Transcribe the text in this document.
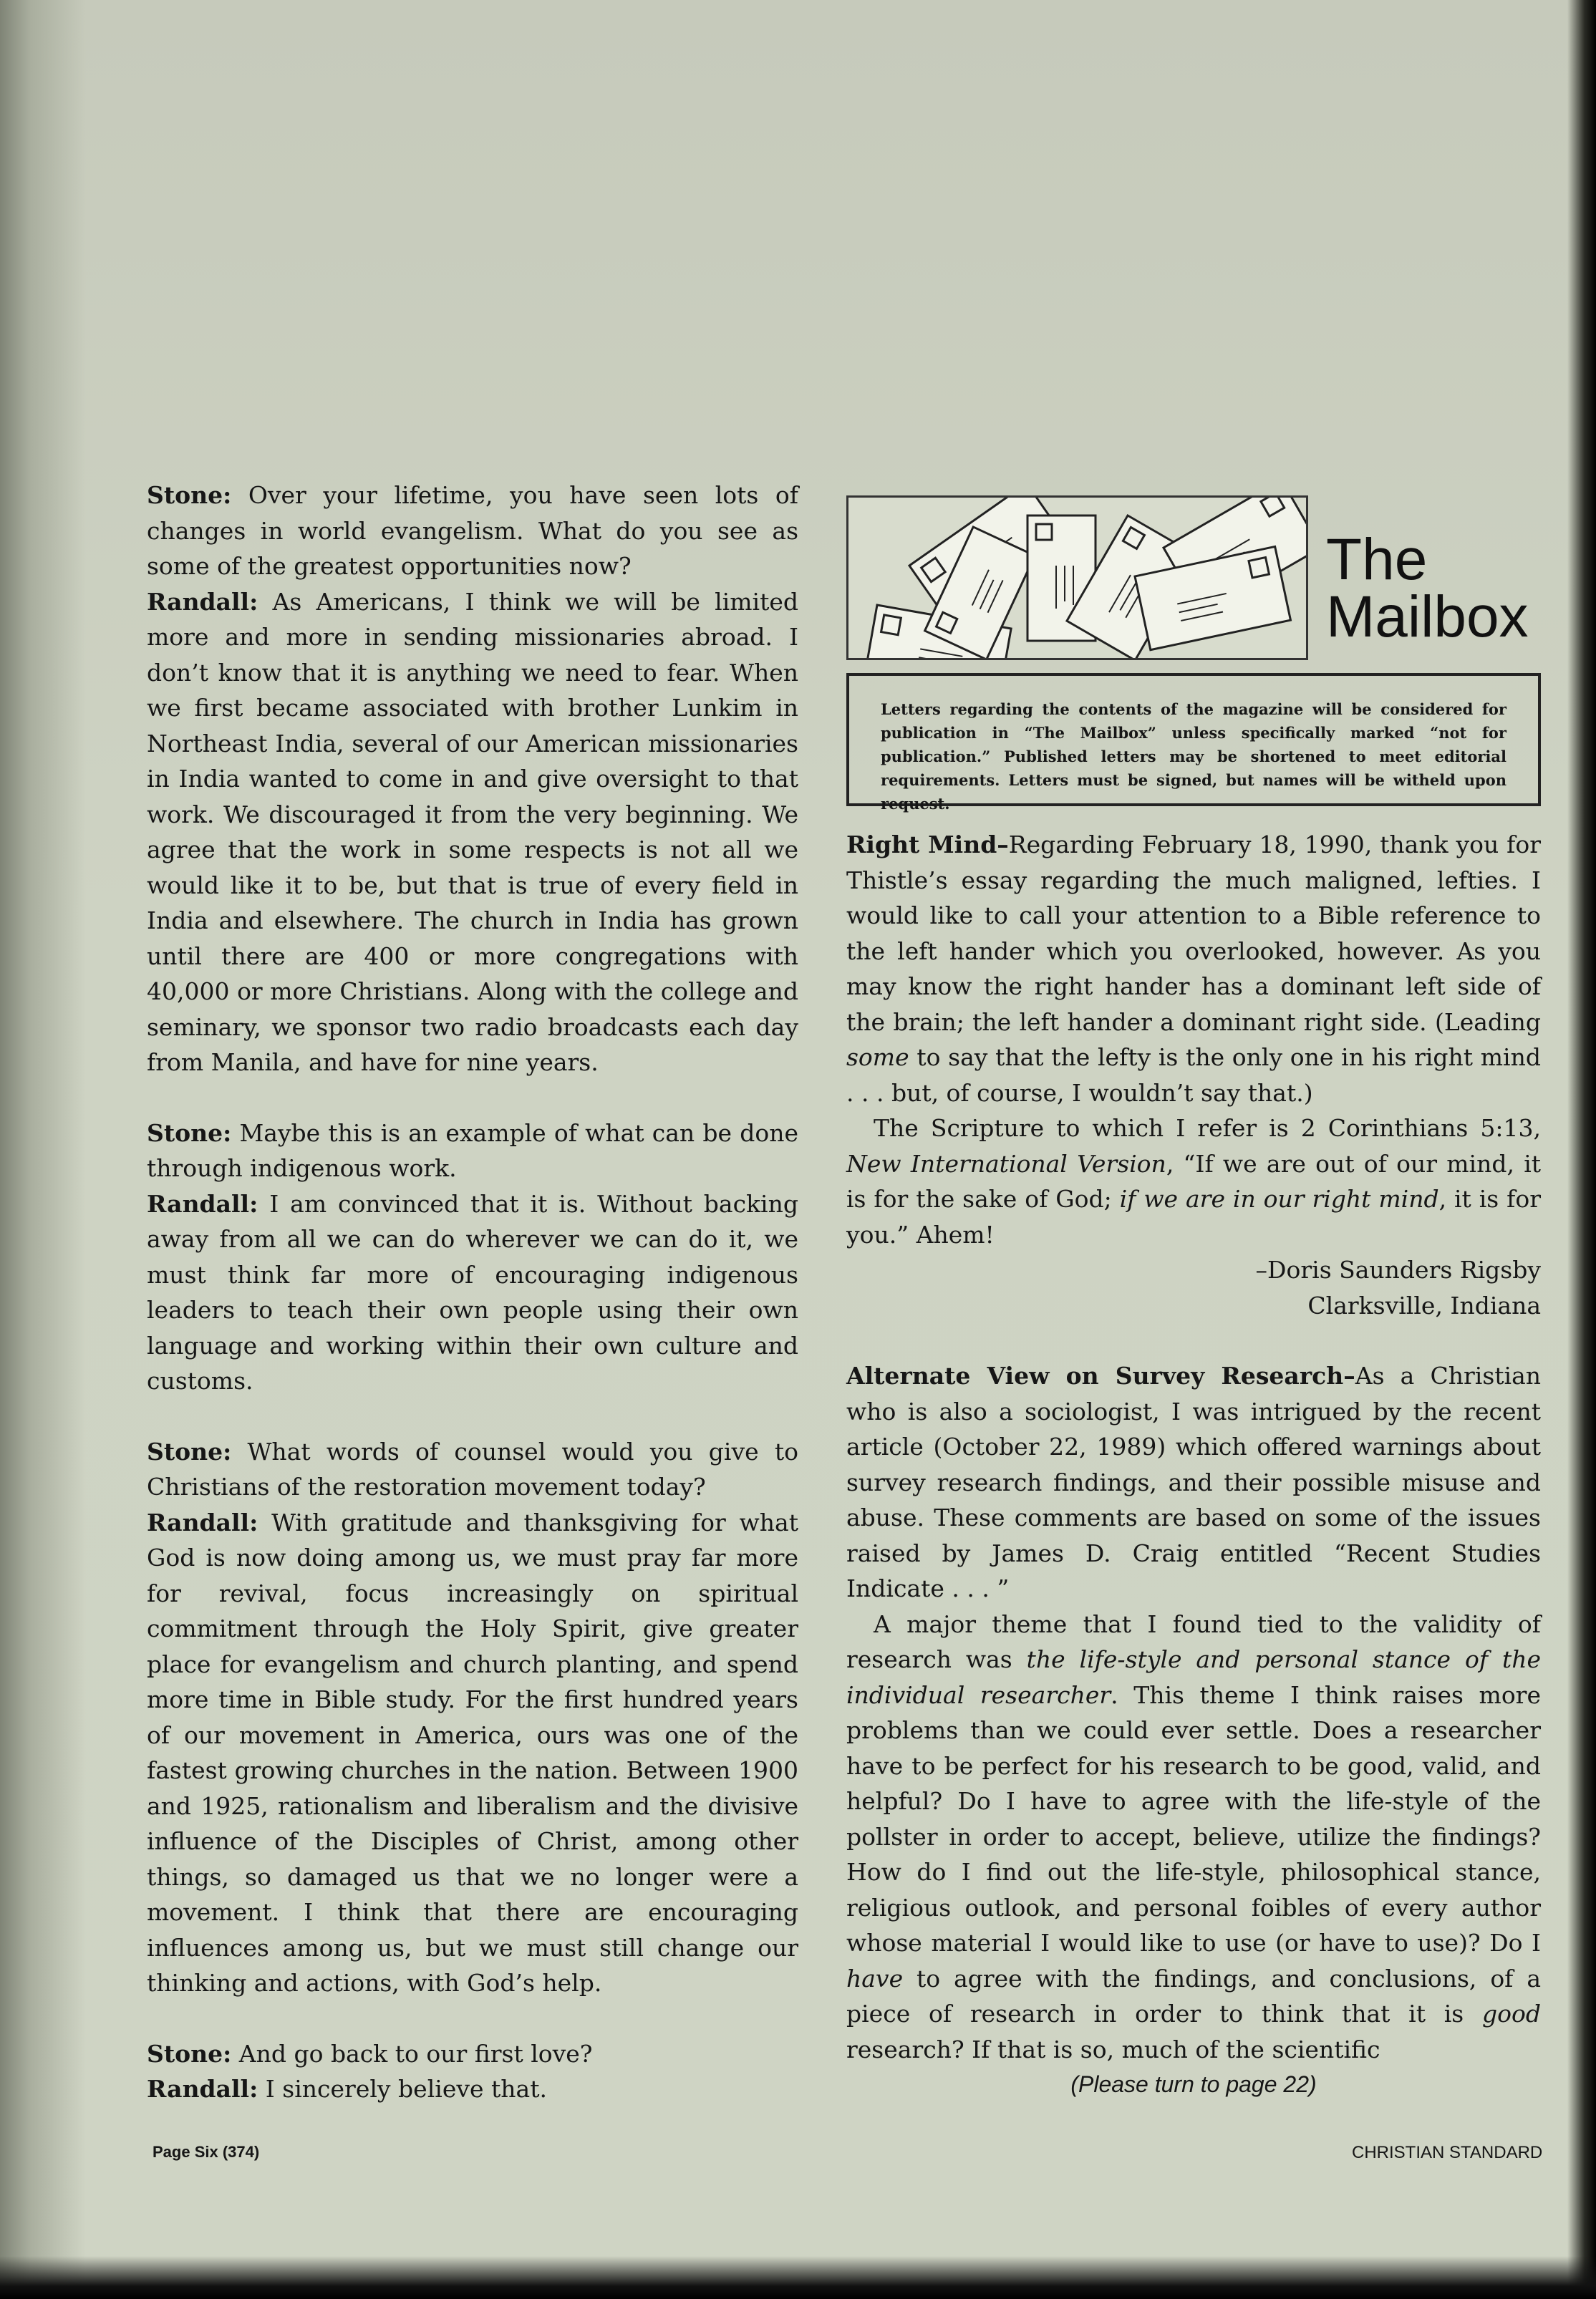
Stone: Over your lifetime, you have seen lots of changes in world evangelism. What do you see as some of the greatest opportunities now?

Randall: As Americans, I think we will be limited more and more in sending missionaries abroad. I don’t know that it is anything we need to fear. When we first became associated with brother Lunkim in Northeast India, several of our American missionaries in India wanted to come in and give oversight to that work. We discouraged it from the very beginning. We agree that the work in some respects is not all we would like it to be, but that is true of every field in India and elsewhere. The church in India has grown until there are 400 or more congregations with 40,000 or more Christians. Along with the college and seminary, we sponsor two radio broadcasts each day from Manila, and have for nine years.

Stone: Maybe this is an example of what can be done through indigenous work.

Randall: I am convinced that it is. Without backing away from all we can do wherever we can do it, we must think far more of encouraging indigenous leaders to teach their own people using their own language and working within their own culture and customs.

Stone: What words of counsel would you give to Christians of the restoration movement today?

Randall: With gratitude and thanksgiving for what God is now doing among us, we must pray far more for revival, focus increasingly on spiritual commitment through the Holy Spirit, give greater place for evangelism and church planting, and spend more time in Bible study. For the first hundred years of our movement in America, ours was one of the fastest growing churches in the nation. Between 1900 and 1925, rationalism and liberalism and the divisive influence of the Disciples of Christ, among other things, so damaged us that we no longer were a movement. I think that there are encouraging influences among us, but we must still change our thinking and actions, with God’s help.

Stone: And go back to our first love?

Randall: I sincerely believe that.

The
Mailbox
Letters regarding the contents of the magazine will be considered for publication in “The Mailbox” unless specifically marked “not for publication.” Published letters may be shortened to meet editorial requirements. Letters must be signed, but names will be witheld upon request.

Right Mind–Regarding February 18, 1990, thank you for Thistle’s essay regarding the much maligned, lefties. I would like to call your attention to a Bible reference to the left hander which you overlooked, however. As you may know the right hander has a dominant left side of the brain; the left hander a dominant right side. (Leading some to say that the lefty is the only one in his right mind . . . but, of course, I wouldn’t say that.)

The Scripture to which I refer is 2 Corinthians 5:13, New International Version, “If we are out of our mind, it is for the sake of God; if we are in our right mind, it is for you.” Ahem!

–Doris Saunders Rigsby

Clarksville, Indiana

Alternate View on Survey Research–As a Christian who is also a sociologist, I was intrigued by the recent article (October 22, 1989) which offered warnings about survey research findings, and their possible misuse and abuse. These comments are based on some of the issues raised by James D. Craig entitled “Recent Studies Indicate . . . ”

A major theme that I found tied to the validity of research was the life-style and personal stance of the individual researcher. This theme I think raises more problems than we could ever settle. Does a researcher have to be perfect for his research to be good, valid, and helpful? Do I have to agree with the life-style of the pollster in order to accept, believe, utilize the findings? How do I find out the life-style, philosophical stance, religious outlook, and personal foibles of every author whose material I would like to use (or have to use)? Do I have to agree with the findings, and conclusions, of a piece of research in order to think that it is good research? If that is so, much of the scientific

(Please turn to page 22)

Page Six (374)	CHRISTIAN STANDARD
